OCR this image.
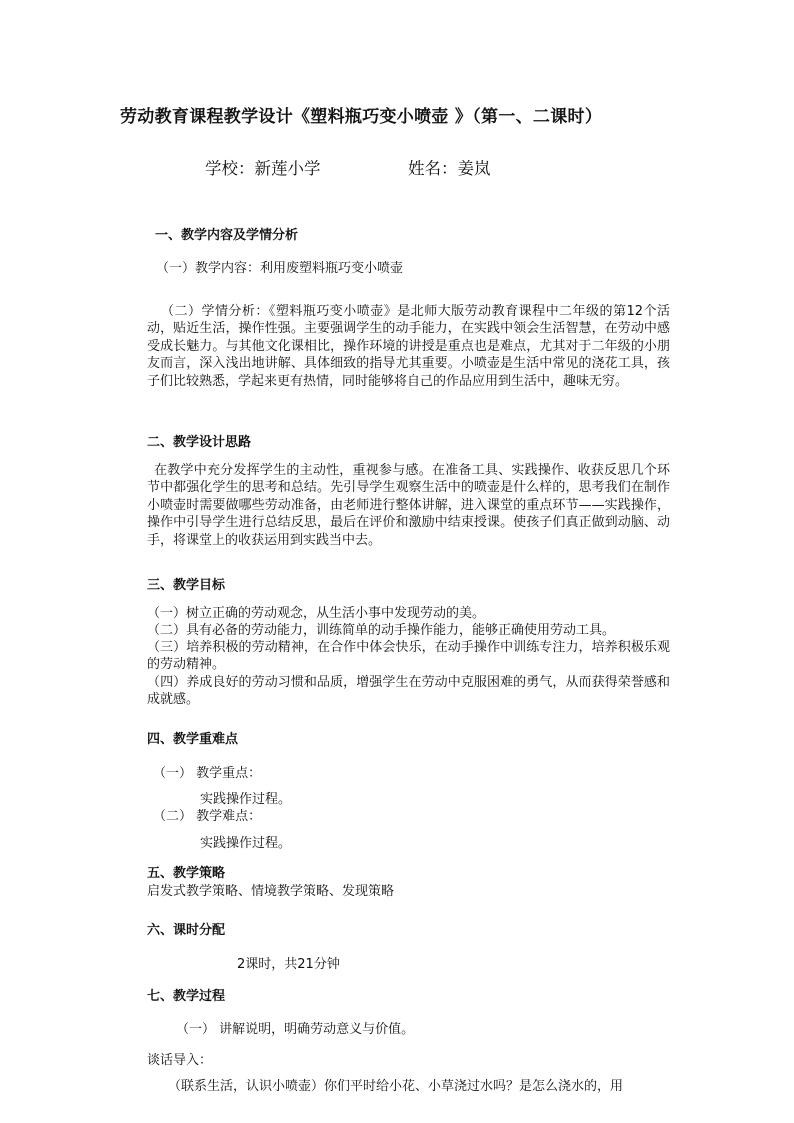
劳动教育课程教学设计《塑料瓶巧变小喷壶 》（第一、二课时）
学校：新莲小学	姓名：姜岚
一、教学内容及学情分析
（一）教学内容：利用废塑料瓶巧变小喷壶
（二）学情分析：《塑料瓶巧变小喷壶》是北师大版劳动教育课程中二年级的第12个活动，贴近生活，操作性强。主要强调学生的动手能力，在实践中领会生活智慧，在劳动中感受成长魅力。与其他文化课相比，操作环境的讲授是重点也是难点，尤其对于二年级的小朋友而言，深入浅出地讲解、具体细致的指导尤其重要。小喷壶是生活中常见的浇花工具，孩子们比较熟悉，学起来更有热情，同时能够将自己的作品应用到生活中，趣味无穷。
二、教学设计思路
在教学中充分发挥学生的主动性，重视参与感。在准备工具、实践操作、收获反思几个环节中都强化学生的思考和总结。先引导学生观察生活中的喷壶是什么样的，思考我们在制作小喷壶时需要做哪些劳动准备，由老师进行整体讲解，进入课堂的重点环节——实践操作，操作中引导学生进行总结反思，最后在评价和激励中结束授课。使孩子们真正做到动脑、动手，将课堂上的收获运用到实践当中去。
三、教学目标
（一）树立正确的劳动观念，从生活小事中发现劳动的美。
（二）具有必备的劳动能力，训练简单的动手操作能力，能够正确使用劳动工具。
（三）培养积极的劳动精神，在合作中体会快乐，在动手操作中训练专注力，培养积极乐观的劳动精神。
（四）养成良好的劳动习惯和品质，增强学生在劳动中克服困难的勇气，从而获得荣誉感和成就感。
四、教学重难点
（一） 教学重点：
实践操作过程。
（二） 教学难点：
实践操作过程。
五、教学策略
启发式教学策略、情境教学策略、发现策略
六、课时分配
2课时，共21分钟
七、教学过程
（一） 讲解说明，明确劳动意义与价值。
谈话导入：
（联系生活，认识小喷壶）你们平时给小花、小草浇过水吗？是怎么浇水的，用
